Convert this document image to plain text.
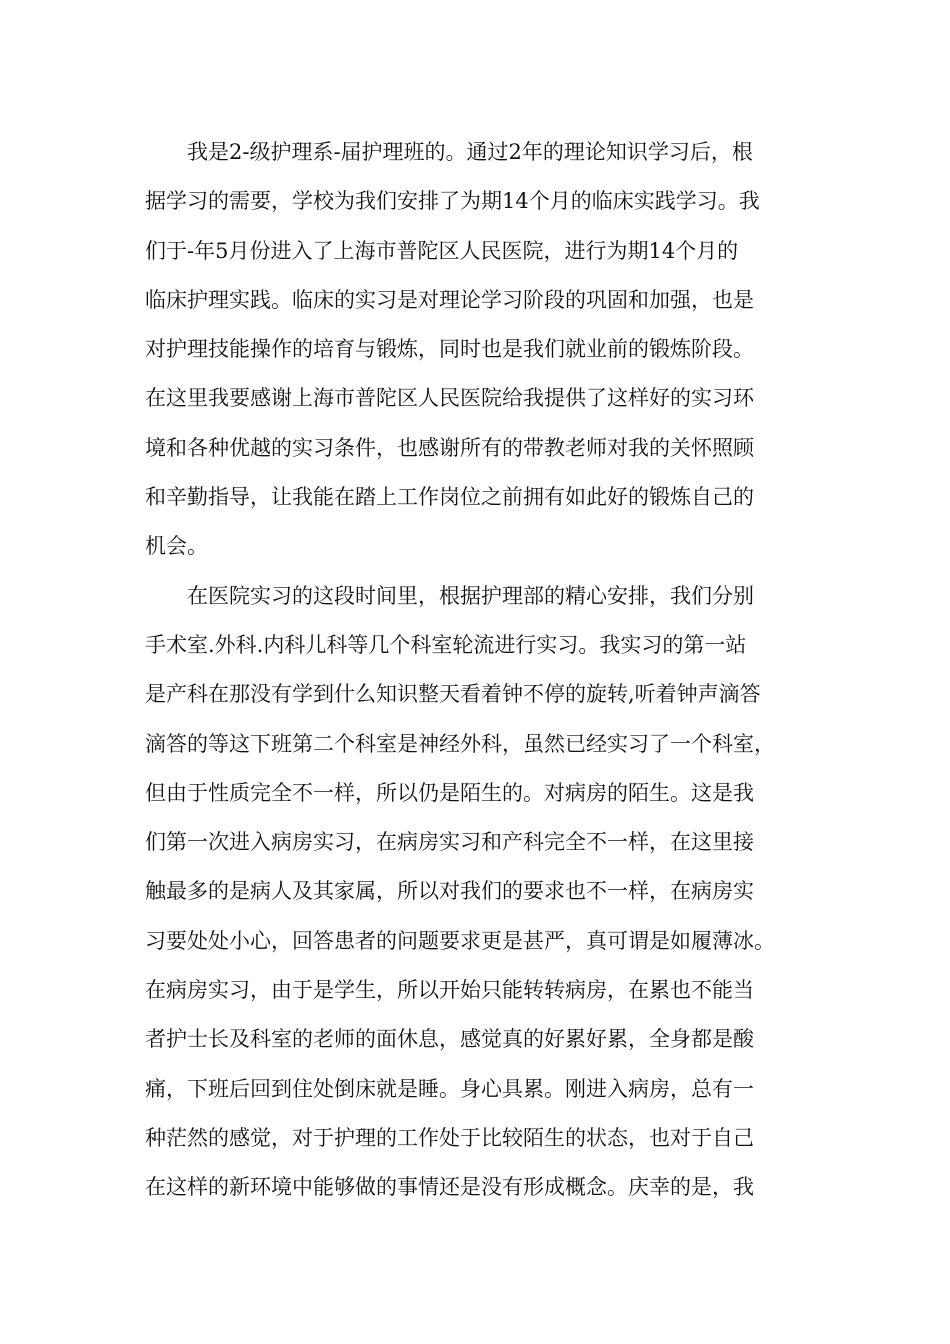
我是2-级护理系-届护理班的。通过2年的理论知识学习后，根
据学习的需要，学校为我们安排了为期14个月的临床实践学习。我
们于-年5月份进入了上海市普陀区人民医院，进行为期14个月的
临床护理实践。临床的实习是对理论学习阶段的巩固和加强，也是
对护理技能操作的培育与锻炼，同时也是我们就业前的锻炼阶段。
在这里我要感谢上海市普陀区人民医院给我提供了这样好的实习环
境和各种优越的实习条件，也感谢所有的带教老师对我的关怀照顾
和辛勤指导，让我能在踏上工作岗位之前拥有如此好的锻炼自己的
机会。
在医院实习的这段时间里，根据护理部的精心安排，我们分别
手术室.外科.内科儿科等几个科室轮流进行实习。我实习的第一站
是产科在那没有学到什么知识整天看着钟不停的旋转,听着钟声滴答
滴答的等这下班第二个科室是神经外科，虽然已经实习了一个科室，
但由于性质完全不一样，所以仍是陌生的。对病房的陌生。这是我
们第一次进入病房实习，在病房实习和产科完全不一样，在这里接
触最多的是病人及其家属，所以对我们的要求也不一样，在病房实
习要处处小心，回答患者的问题要求更是甚严，真可谓是如履薄冰。
在病房实习，由于是学生，所以开始只能转转病房，在累也不能当
者护士长及科室的老师的面休息，感觉真的好累好累，全身都是酸
痛，下班后回到住处倒床就是睡。身心具累。刚进入病房，总有一
种茫然的感觉，对于护理的工作处于比较陌生的状态，也对于自己
在这样的新环境中能够做的事情还是没有形成概念。庆幸的是，我
